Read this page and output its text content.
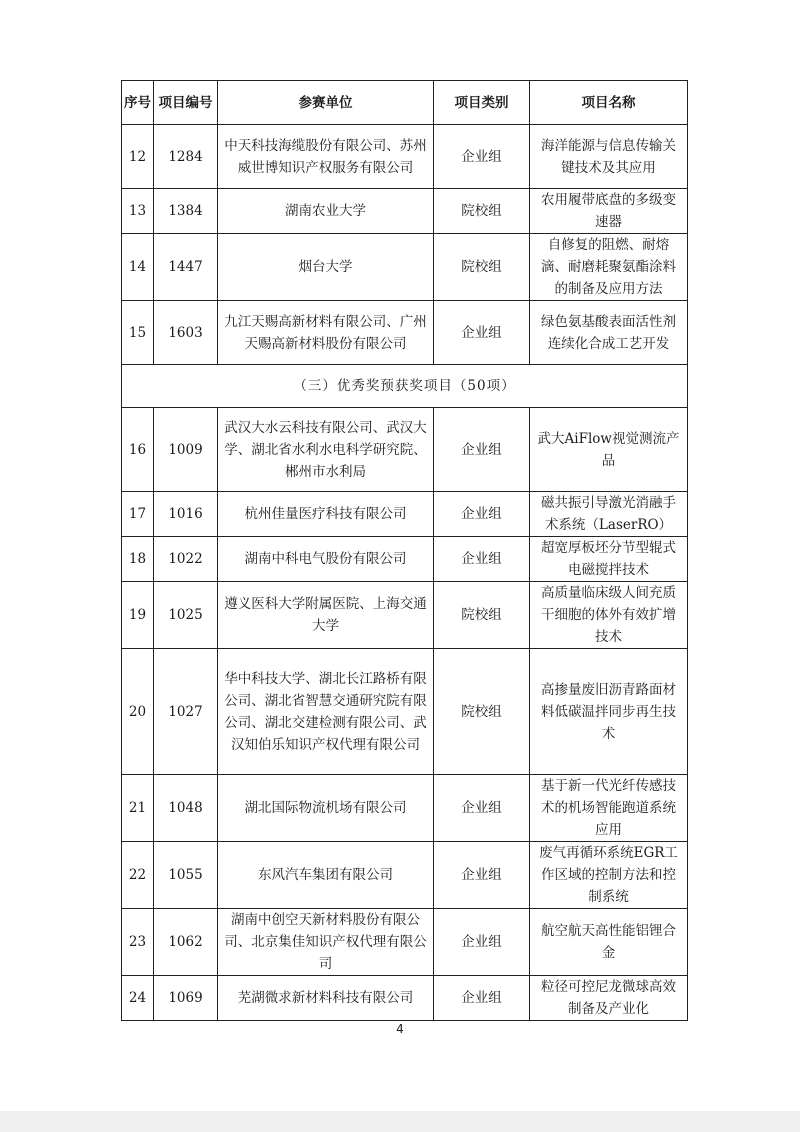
序号	项目编号	参赛单位	项目类别	项目名称
12	1284	中天科技海缆股份有限公司、苏州威世博知识产权服务有限公司	企业组	海洋能源与信息传输关键技术及其应用
13	1384	湖南农业大学	院校组	农用履带底盘的多级变速器
14	1447	烟台大学	院校组	自修复的阻燃、耐熔滴、耐磨耗聚氨酯涂料的制备及应用方法
15	1603	九江天赐高新材料有限公司、广州天赐高新材料股份有限公司	企业组	绿色氨基酸表面活性剂连续化合成工艺开发
（三）优秀奖预获奖项目（50项）				
16	1009	武汉大水云科技有限公司、武汉大学、湖北省水利水电科学研究院、郴州市水利局	企业组	武大AiFlow视觉测流产品
17	1016	杭州佳量医疗科技有限公司	企业组	磁共振引导激光消融手术系统（LaserRO）
18	1022	湖南中科电气股份有限公司	企业组	超宽厚板坯分节型辊式电磁搅拌技术
19	1025	遵义医科大学附属医院、上海交通大学	院校组	高质量临床级人间充质干细胞的体外有效扩增技术
20	1027	华中科技大学、湖北长江路桥有限公司、湖北省智慧交通研究院有限公司、湖北交建检测有限公司、武汉知伯乐知识产权代理有限公司	院校组	高掺量废旧沥青路面材料低碳温拌同步再生技术
21	1048	湖北国际物流机场有限公司	企业组	基于新一代光纤传感技术的机场智能跑道系统应用
22	1055	东风汽车集团有限公司	企业组	废气再循环系统EGR工作区域的控制方法和控制系统
23	1062	湖南中创空天新材料股份有限公司、北京集佳知识产权代理有限公司	企业组	航空航天高性能铝锂合金
24	1069	芜湖微求新材料科技有限公司	企业组	粒径可控尼龙微球高效制备及产业化
4
